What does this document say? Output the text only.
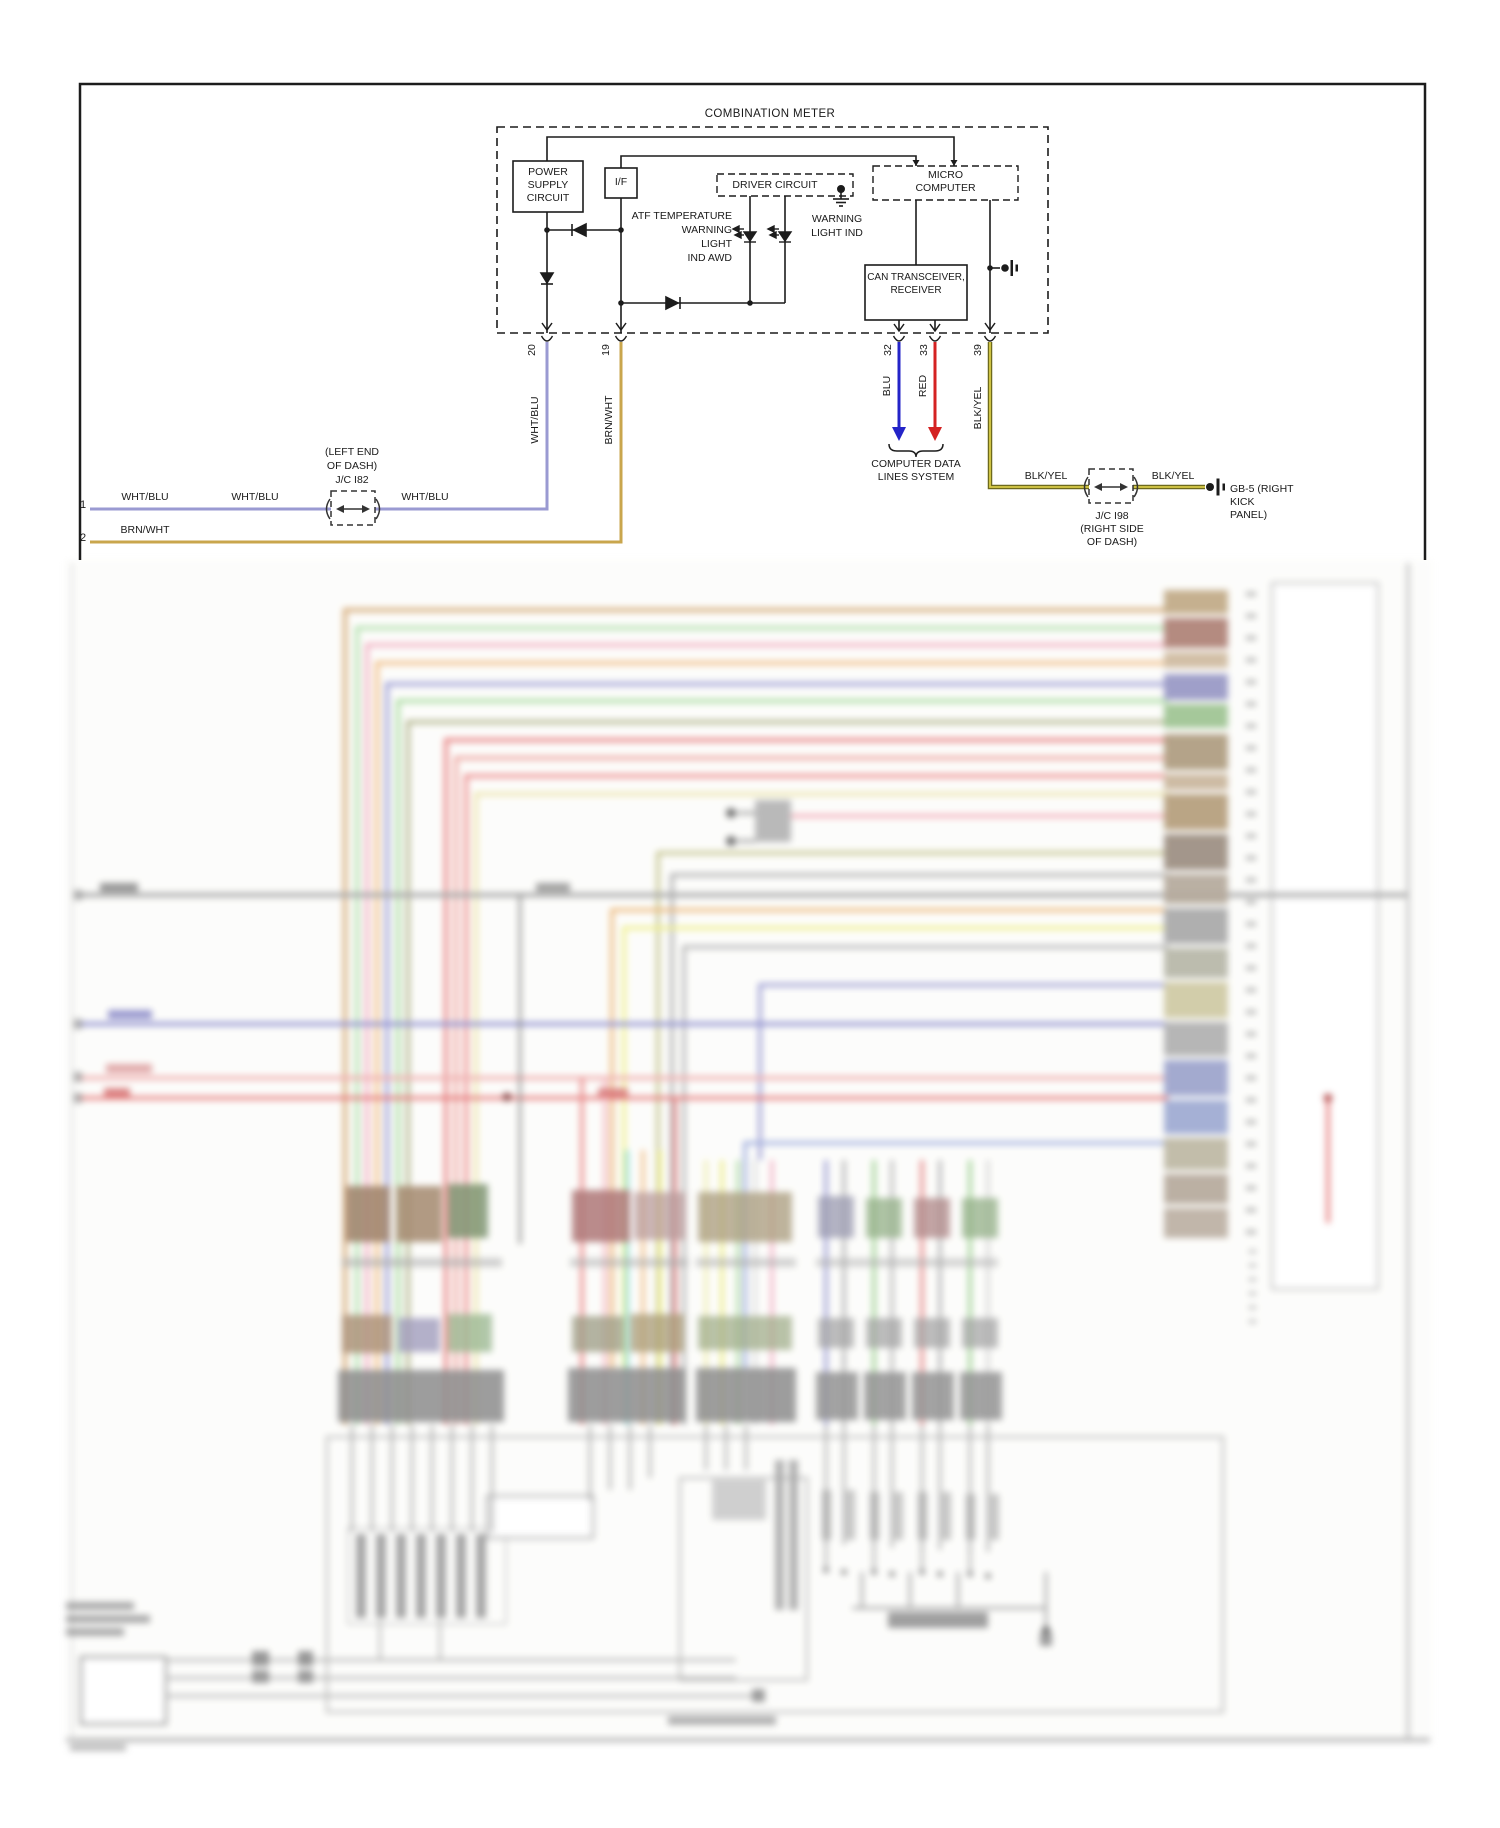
COMBINATION METER
POWER
SUPPLY
CIRCUIT
I/F	DRIVER CIRCUIT
MICRO
COMPUTER
CAN TRANSCEIVER,
RECEIVER
ATF TEMPERATURE
WARNING
LIGHT
IND AWD
WARNING
LIGHT IND
COMPUTER DATA
LINES SYSTEM
(LEFT END
OF DASH)
J/C I82
J/C I98
(RIGHT SIDE
OF DASH)
GB-5 (RIGHT
KICK
PANEL)
BLK/YEL	BLK/YEL
1
2
WHT/BLU	WHT/BLU	WHT/BLU
BRN/WHT
20	19	32	33	39
WHT/BLU	BRN/WHT
BLU	RED
BLK/YEL
